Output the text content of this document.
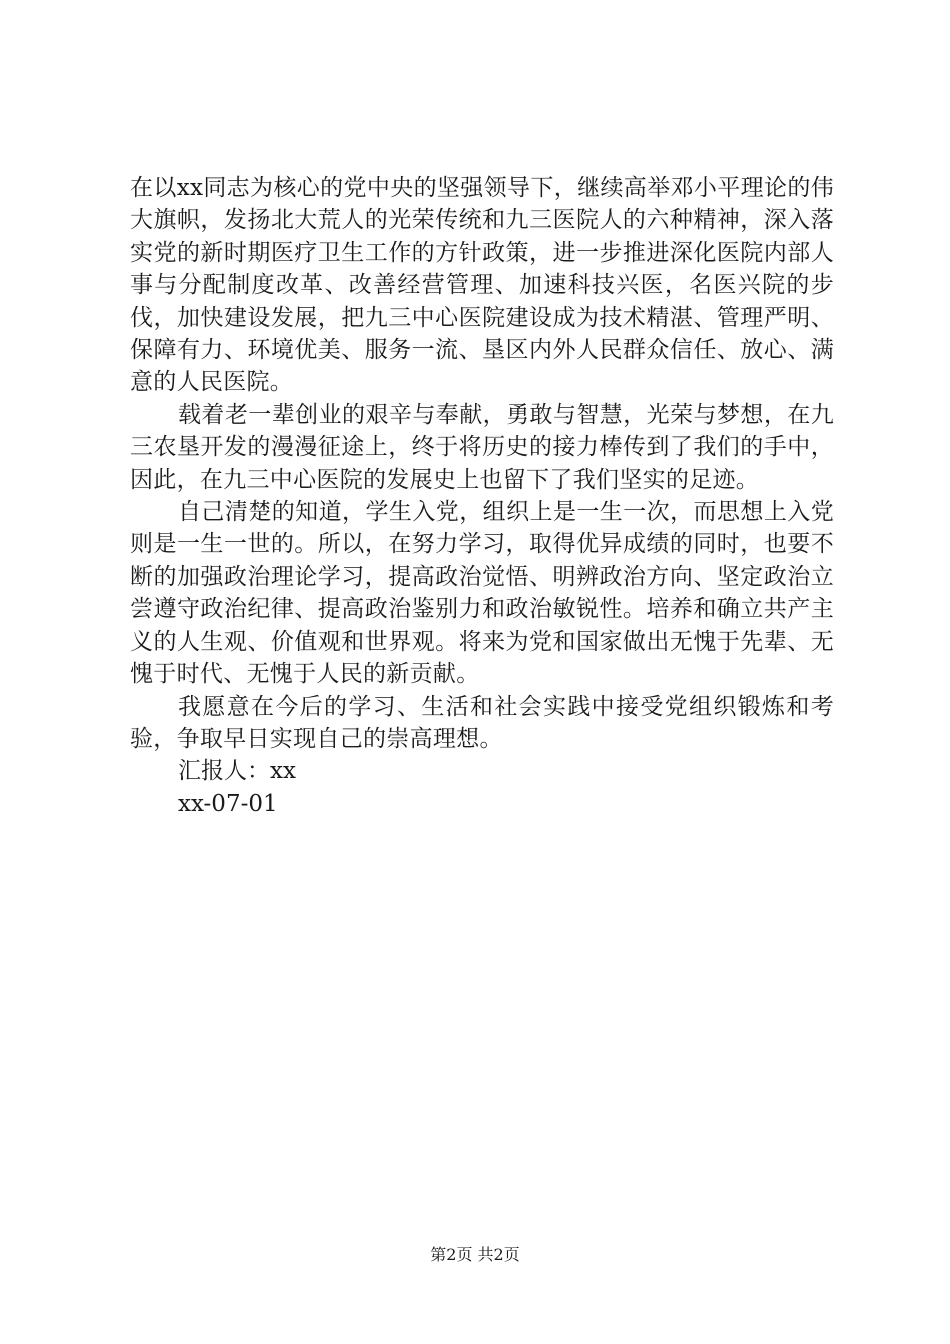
在以xx同志为核心的党中央的坚强领导下，继续高举邓小平理论的伟大旗帜，发扬北大荒人的光荣传统和九三医院人的六种精神，深入落实党的新时期医疗卫生工作的方针政策，进一步推进深化医院内部人事与分配制度改革、改善经营管理、加速科技兴医，名医兴院的步伐，加快建设发展，把九三中心医院建设成为技术精湛、管理严明、保障有力、环境优美、服务一流、垦区内外人民群众信任、放心、满意的人民医院。

载着老一辈创业的艰辛与奉献，勇敢与智慧，光荣与梦想，在九三农垦开发的漫漫征途上，终于将历史的接力棒传到了我们的手中，因此，在九三中心医院的发展史上也留下了我们坚实的足迹。

自己清楚的知道，学生入党，组织上是一生一次，而思想上入党则是一生一世的。所以，在努力学习，取得优异成绩的同时，也要不断的加强政治理论学习，提高政治觉悟、明辨政治方向、坚定政治立尝遵守政治纪律、提高政治鉴别力和政治敏锐性。培养和确立共产主义的人生观、价值观和世界观。将来为党和国家做出无愧于先辈、无愧于时代、无愧于人民的新贡献。

我愿意在今后的学习、生活和社会实践中接受党组织锻炼和考验，争取早日实现自己的崇高理想。

汇报人：xx

xx-07-01

第2页 共2页
